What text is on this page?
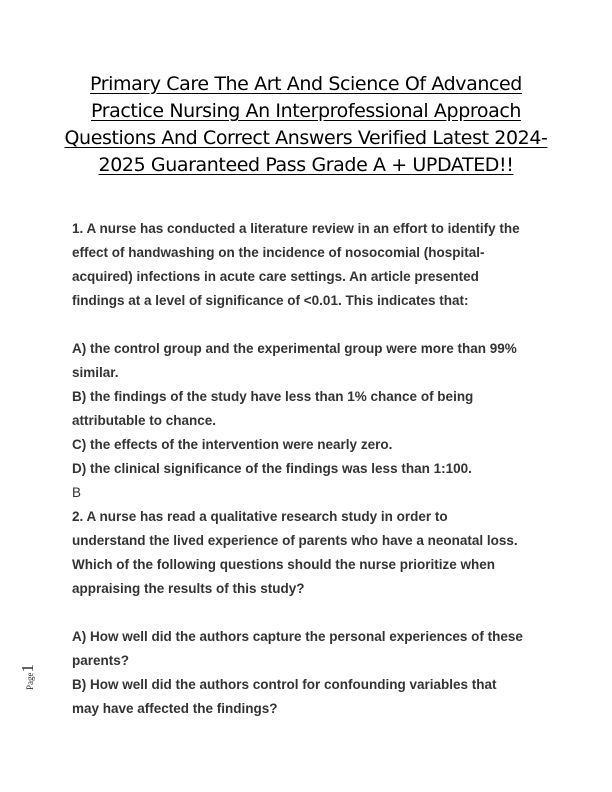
Primary Care The Art And Science Of Advanced
Practice Nursing An Interprofessional Approach
Questions And Correct Answers Verified Latest 2024-
2025 Guaranteed Pass Grade A + UPDATED!!
1. A nurse has conducted a literature review in an effort to identify the
effect of handwashing on the incidence of nosocomial (hospital-
acquired) infections in acute care settings. An article presented
findings at a level of significance of <0.01. This indicates that:
A) the control group and the experimental group were more than 99%
similar.
B) the findings of the study have less than 1% chance of being
attributable to chance.
C) the effects of the intervention were nearly zero.
D) the clinical significance of the findings was less than 1:100.
B
2. A nurse has read a qualitative research study in order to
understand the lived experience of parents who have a neonatal loss.
Which of the following questions should the nurse prioritize when
appraising the results of this study?
A) How well did the authors capture the personal experiences of these
parents?
B) How well did the authors control for confounding variables that
may have affected the findings?
Page1
